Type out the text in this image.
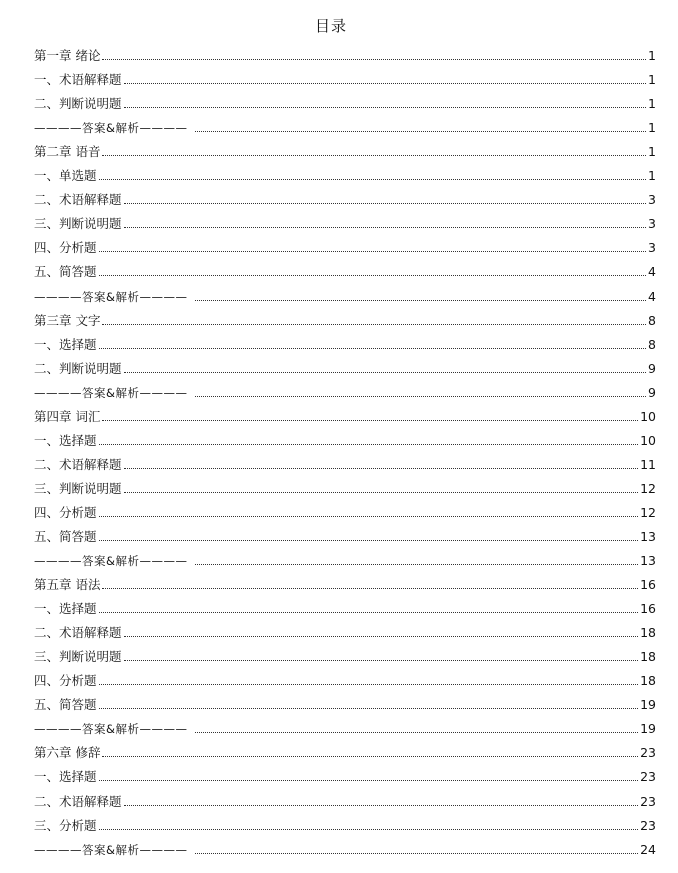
目录
第一章 绪论	1
一、术语解释题	1
二、判断说明题	1
————答案&解析————	1
第二章 语音	1
一、单选题	1
二、术语解释题	3
三、判断说明题	3
四、分析题	3
五、简答题	4
————答案&解析————	4
第三章 文字	8
一、选择题	8
二、判断说明题	9
————答案&解析————	9
第四章 词汇	10
一、选择题	10
二、术语解释题	11
三、判断说明题	12
四、分析题	12
五、简答题	13
————答案&解析————	13
第五章 语法	16
一、选择题	16
二、术语解释题	18
三、判断说明题	18
四、分析题	18
五、简答题	19
————答案&解析————	19
第六章 修辞	23
一、选择题	23
二、术语解释题	23
三、分析题	23
————答案&解析————	24
